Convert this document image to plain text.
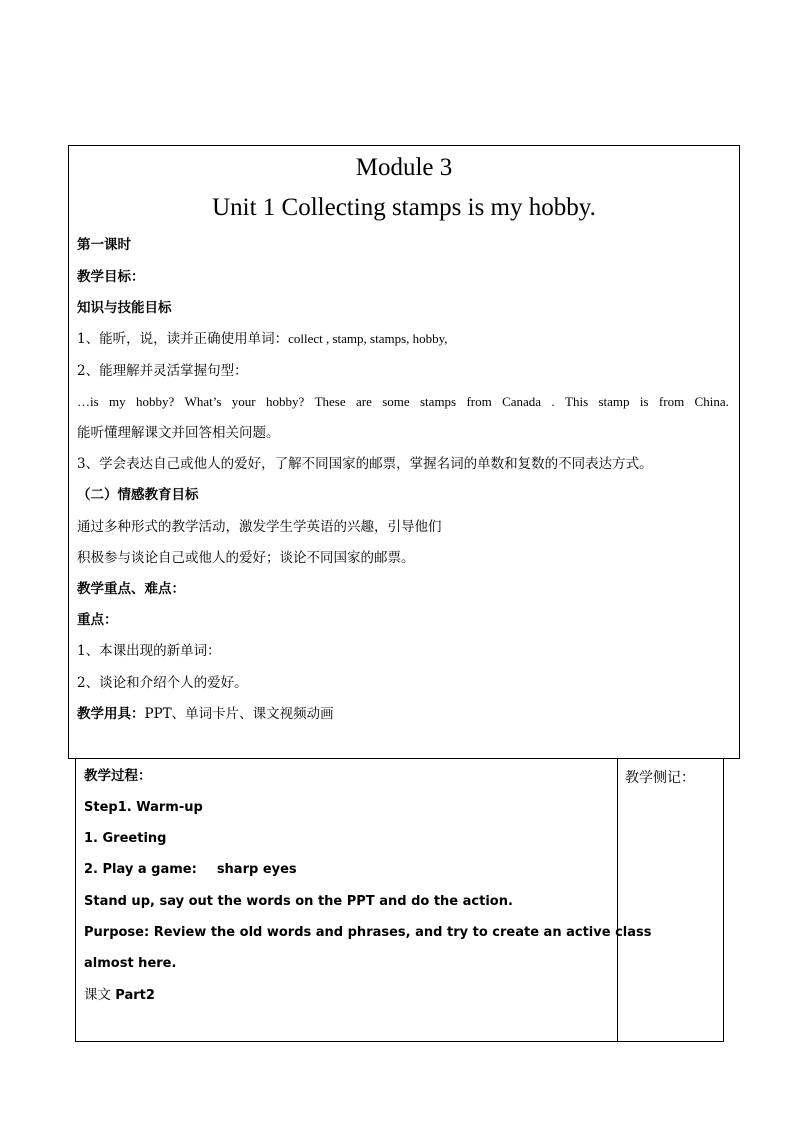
Module 3
Unit 1 Collecting stamps is my hobby.
第一课时
教学目标：
知识与技能目标
1、能听，说，读并正确使用单词：collect , stamp, stamps, hobby,
2、能理解并灵活掌握句型：
…is my hobby? What’s your hobby? These are some stamps from Canada . This stamp is from China.
能听懂理解课文并回答相关问题。
3、学会表达自己或他人的爱好，了解不同国家的邮票，掌握名词的单数和复数的不同表达方式。
（二）情感教育目标
通过多种形式的教学活动，激发学生学英语的兴趣，引导他们
积极参与谈论自己或他人的爱好；谈论不同国家的邮票。
教学重点、难点：
重点：
1、本课出现的新单词：
2、谈论和介绍个人的爱好。
教学用具：PPT、单词卡片、课文视频动画
教学过程：
Step1. Warm-up
1. Greeting
2. Play a game: sharp eyes
Stand up, say out the words on the PPT and do the action.
Purpose: Review the old words and phrases, and try to create an active class
almost here.
课文 Part2
教学侧记：
